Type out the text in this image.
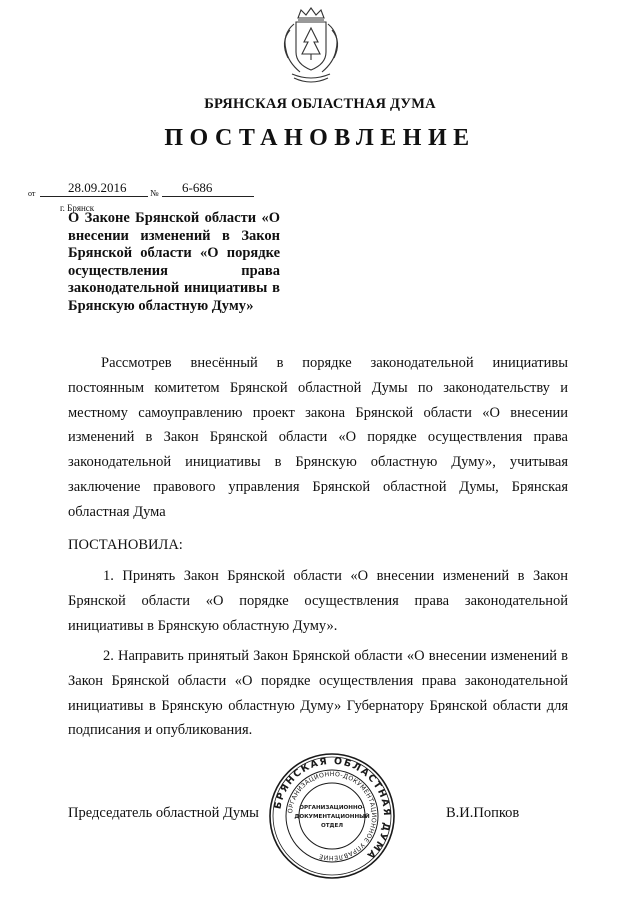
БРЯНСКАЯ ОБЛАСТНАЯ ДУМА
ПОСТАНОВЛЕНИЕ
от	28.09.2016	№ 6-686
г. Брянск
О Законе Брянской области «О внесении изменений в Закон Брянской области «О порядке осуществления права законодательной инициативы в Брянскую областную Думу»
Рассмотрев внесённый в порядке законодательной инициативы постоянным комитетом Брянской областной Думы по законодательству и местному самоуправлению проект закона Брянской области «О внесении изменений в Закон Брянской области «О порядке осуществления права законодательной инициативы в Брянскую областную Думу», учитывая заключение правового управления Брянской областной Думы, Брянская областная Дума
ПОСТАНОВИЛА:
1. Принять Закон Брянской области «О внесении изменений в Закон Брянской области «О порядке осуществления права законодательной инициативы в Брянскую областную Думу».
2. Направить принятый Закон Брянской области «О внесении изменений в Закон Брянской области «О порядке осуществления права законодательной инициативы в Брянскую областную Думу» Губернатору Брянской области для подписания и опубликования.
Председатель областной Думы	В.И.Попков
БРЯНСКАЯ ОБЛАСТНАЯ ДУМА
ОРГАНИЗАЦИОННО-ДОКУМЕНТАЦИОННОЕ УПРАВЛЕНИЕ
ОРГАНИЗАЦИОННО-
ДОКУМЕНТАЦИОННЫЙ
ОТДЕЛ
